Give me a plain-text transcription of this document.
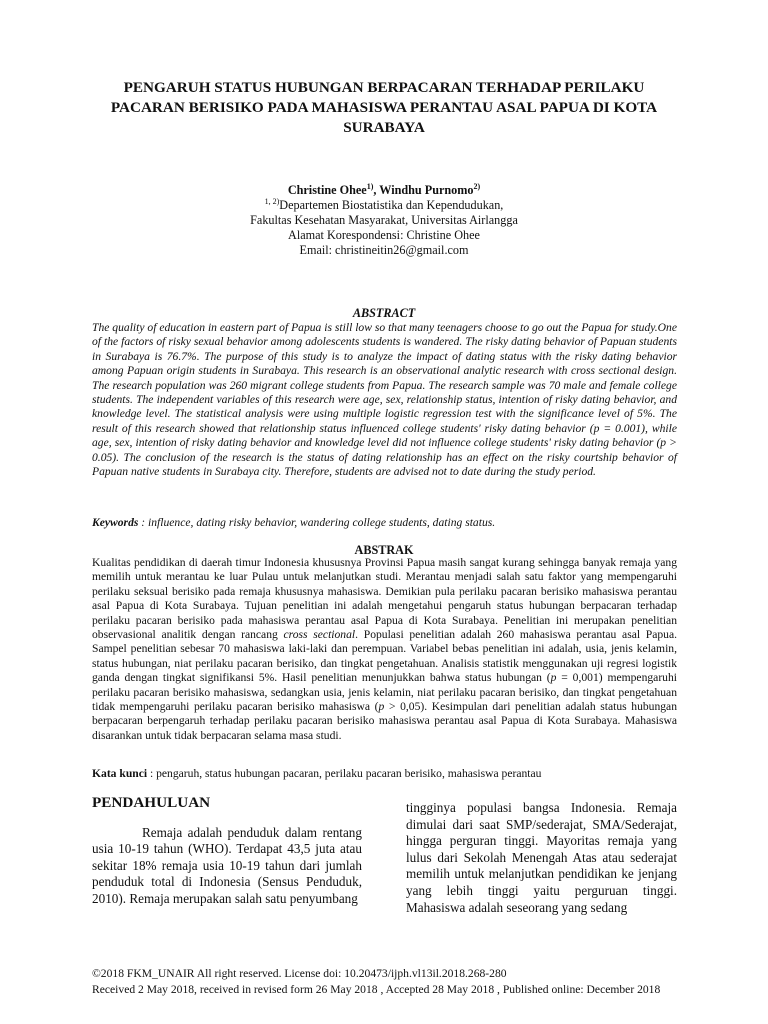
PENGARUH STATUS HUBUNGAN BERPACARAN TERHADAP PERILAKU
PACARAN BERISIKO PADA MAHASISWA PERANTAU ASAL PAPUA DI KOTA
SURABAYA
Christine Ohee$^{1)}$, Windhu Purnomo$^{2)}$
$^{1, 2)}$Departemen Biostatistika dan Kependudukan,
Fakultas Kesehatan Masyarakat, Universitas Airlangga
Alamat Korespondensi: Christine Ohee
Email: christineitin26@gmail.com
ABSTRACT
The quality of education in eastern part of Papua is still low so that many teenagers choose to go out the Papua for study.One of the factors of risky sexual behavior among adolescents students is wandered. The risky dating behavior of Papuan students in Surabaya is 76.7%. The purpose of this study is to analyze the impact of dating status with the risky dating behavior among Papuan origin students in Surabaya. This research is an observational analytic research with cross sectional design. The research population was 260 migrant college students from Papua. The research sample was 70 male and female college students. The independent variables of this research were age, sex, relationship status, intention of risky dating behavior, and knowledge level. The statistical analysis were using multiple logistic regression test with the significance level of 5%. The result of this research showed that relationship status influenced college students' risky dating behavior (p = 0.001), while age, sex, intention of risky dating behavior and knowledge level did not influence college students' risky dating behavior (p > 0.05). The conclusion of the research is the status of dating relationship has an effect on the risky courtship behavior of Papuan native students in Surabaya city. Therefore, students are advised not to date during the study period.
Keywords : influence, dating risky behavior, wandering college students, dating status.
ABSTRAK
Kualitas pendidikan di daerah timur Indonesia khususnya Provinsi Papua masih sangat kurang sehingga banyak remaja yang memilih untuk merantau ke luar Pulau untuk melanjutkan studi. Merantau menjadi salah satu faktor yang mempengaruhi perilaku seksual berisiko pada remaja khususnya mahasiswa. Demikian pula perilaku pacaran berisiko mahasiswa perantau asal Papua di Kota Surabaya. Tujuan penelitian ini adalah mengetahui pengaruh status hubungan berpacaran terhadap perilaku pacaran berisiko pada mahasiswa perantau asal Papua di Kota Surabaya. Penelitian ini merupakan penelitian observasional analitik dengan rancang cross sectional. Populasi penelitian adalah 260 mahasiswa perantau asal Papua. Sampel penelitian sebesar 70 mahasiswa laki-laki dan perempuan. Variabel bebas penelitian ini adalah, usia, jenis kelamin, status hubungan, niat perilaku pacaran berisiko, dan tingkat pengetahuan. Analisis statistik menggunakan uji regresi logistik ganda dengan tingkat signifikansi 5%. Hasil penelitian menunjukkan bahwa status hubungan (p = 0,001) mempengaruhi perilaku pacaran berisiko mahasiswa, sedangkan usia, jenis kelamin, niat perilaku pacaran berisiko, dan tingkat pengetahuan tidak mempengaruhi perilaku pacaran berisiko mahasiswa (p > 0,05). Kesimpulan dari penelitian adalah status hubungan berpacaran berpengaruh terhadap perilaku pacaran berisiko mahasiswa perantau asal Papua di Kota Surabaya. Mahasiswa disarankan untuk tidak berpacaran selama masa studi.
Kata kunci : pengaruh, status hubungan pacaran, perilaku pacaran berisiko, mahasiswa perantau
PENDAHULUAN
Remaja adalah penduduk dalam rentang usia 10-19 tahun (WHO). Terdapat 43,5 juta atau sekitar 18% remaja usia 10-19 tahun dari jumlah penduduk total di Indonesia (Sensus Penduduk, 2010). Remaja merupakan salah satu penyumbang
tingginya populasi bangsa Indonesia. Remaja dimulai dari saat SMP/sederajat, SMA/Sederajat, hingga perguran tinggi. Mayoritas remaja yang lulus dari Sekolah Menengah Atas atau sederajat memilih untuk melanjutkan pendidikan ke jenjang yang lebih tinggi yaitu perguruan tinggi. Mahasiswa adalah seseorang yang sedang
©2018 FKM_UNAIR All right reserved. License doi: 10.20473/ijph.vl13il.2018.268-280
Received 2 May 2018, received in revised form 26 May 2018 , Accepted 28 May 2018 , Published online: December 2018
